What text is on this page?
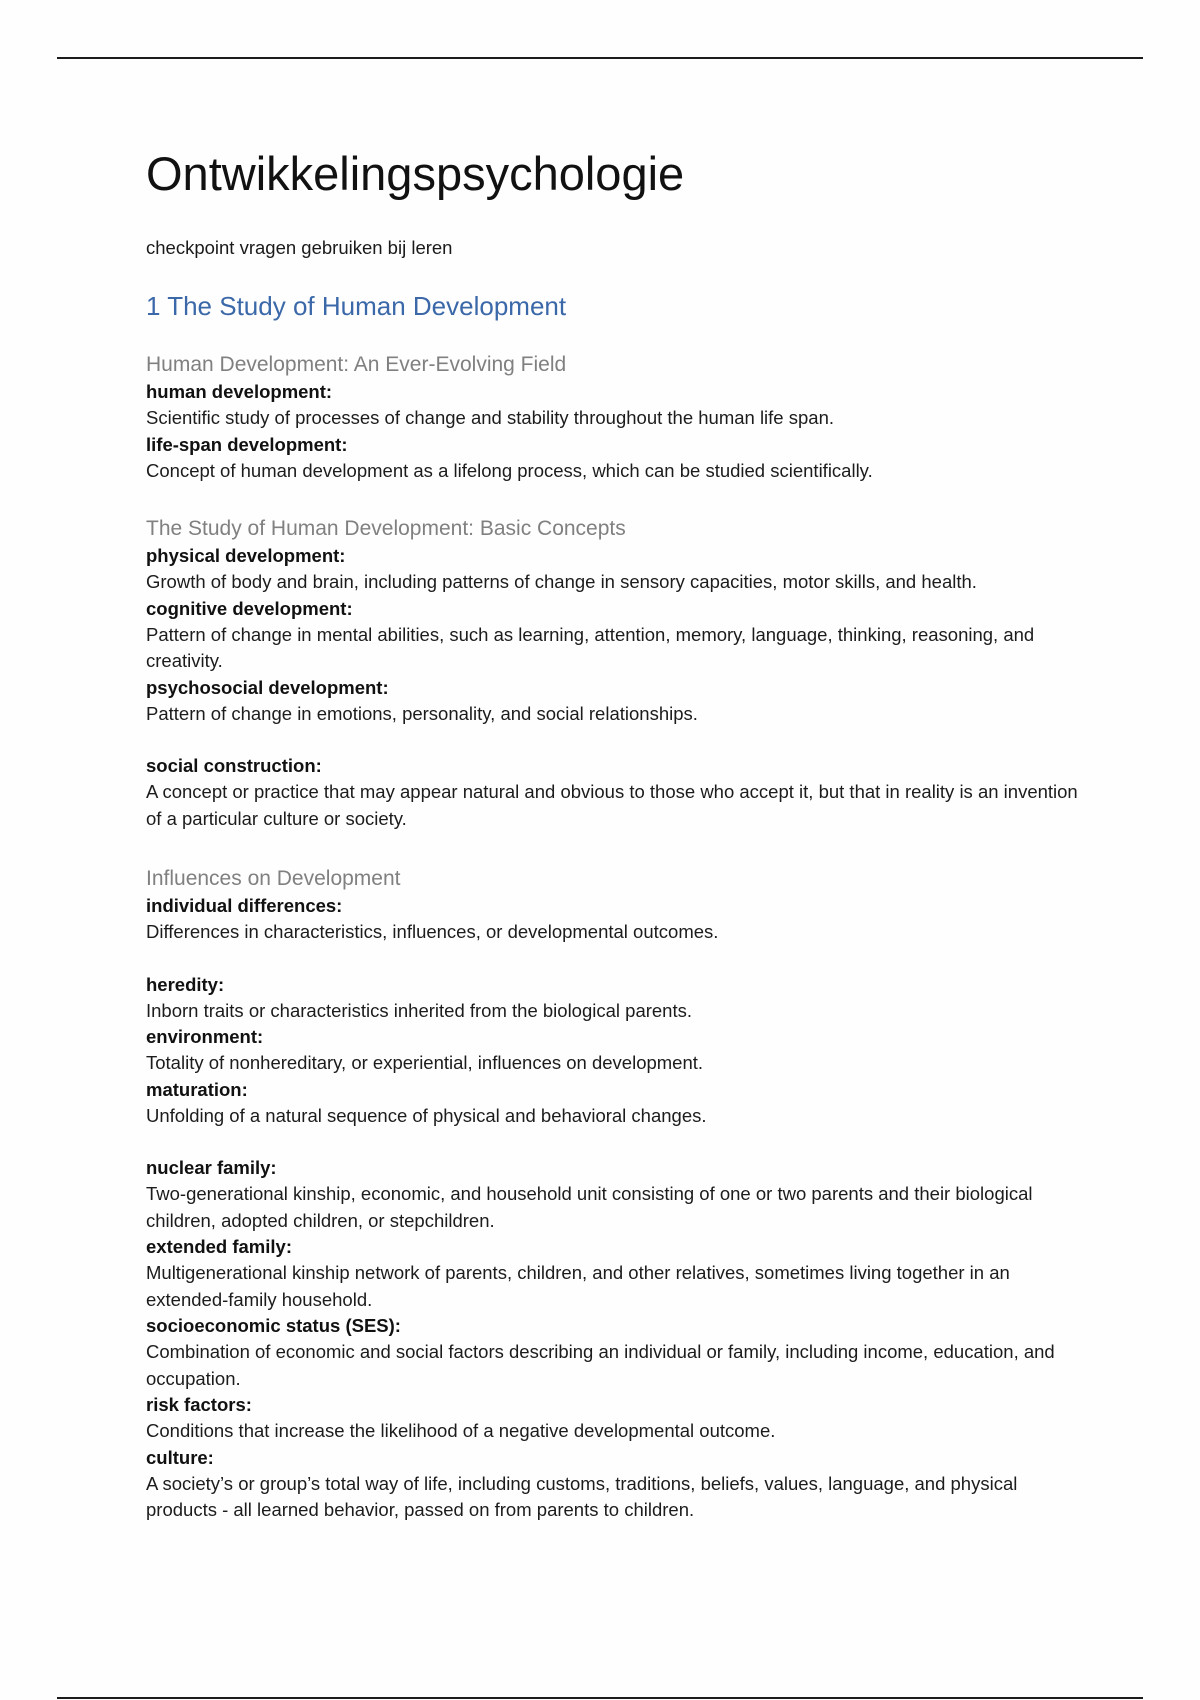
Ontwikkelingspsychologie

checkpoint vragen gebruiken bij leren

1 The Study of Human Development
Human Development: An Ever-Evolving Field
human development:
Scientific study of processes of change and stability throughout the human life span.
life-span development:
Concept of human development as a lifelong process, which can be studied scientifically.
The Study of Human Development: Basic Concepts
physical development:
Growth of body and brain, including patterns of change in sensory capacities, motor skills, and health.
cognitive development:
Pattern of change in mental abilities, such as learning, attention, memory, language, thinking, reasoning, and creativity.
psychosocial development:
Pattern of change in emotions, personality, and social relationships.
social construction:
A concept or practice that may appear natural and obvious to those who accept it, but that in reality is an invention of a particular culture or society.
Influences on Development
individual differences:
Differences in characteristics, influences, or developmental outcomes.
heredity:
Inborn traits or characteristics inherited from the biological parents.
environment:
Totality of nonhereditary, or experiential, influences on development.
maturation:
Unfolding of a natural sequence of physical and behavioral changes.
nuclear family:
Two-generational kinship, economic, and household unit consisting of one or two parents and their biological children, adopted children, or stepchildren.
extended family:
Multigenerational kinship network of parents, children, and other relatives, sometimes living together in an extended-family household.
socioeconomic status (SES):
Combination of economic and social factors describing an individual or family, including income, education, and occupation.
risk factors:
Conditions that increase the likelihood of a negative developmental outcome.
culture:
A society’s or group’s total way of life, including customs, traditions, beliefs, values, language, and physical products - all learned behavior, passed on from parents to children.
